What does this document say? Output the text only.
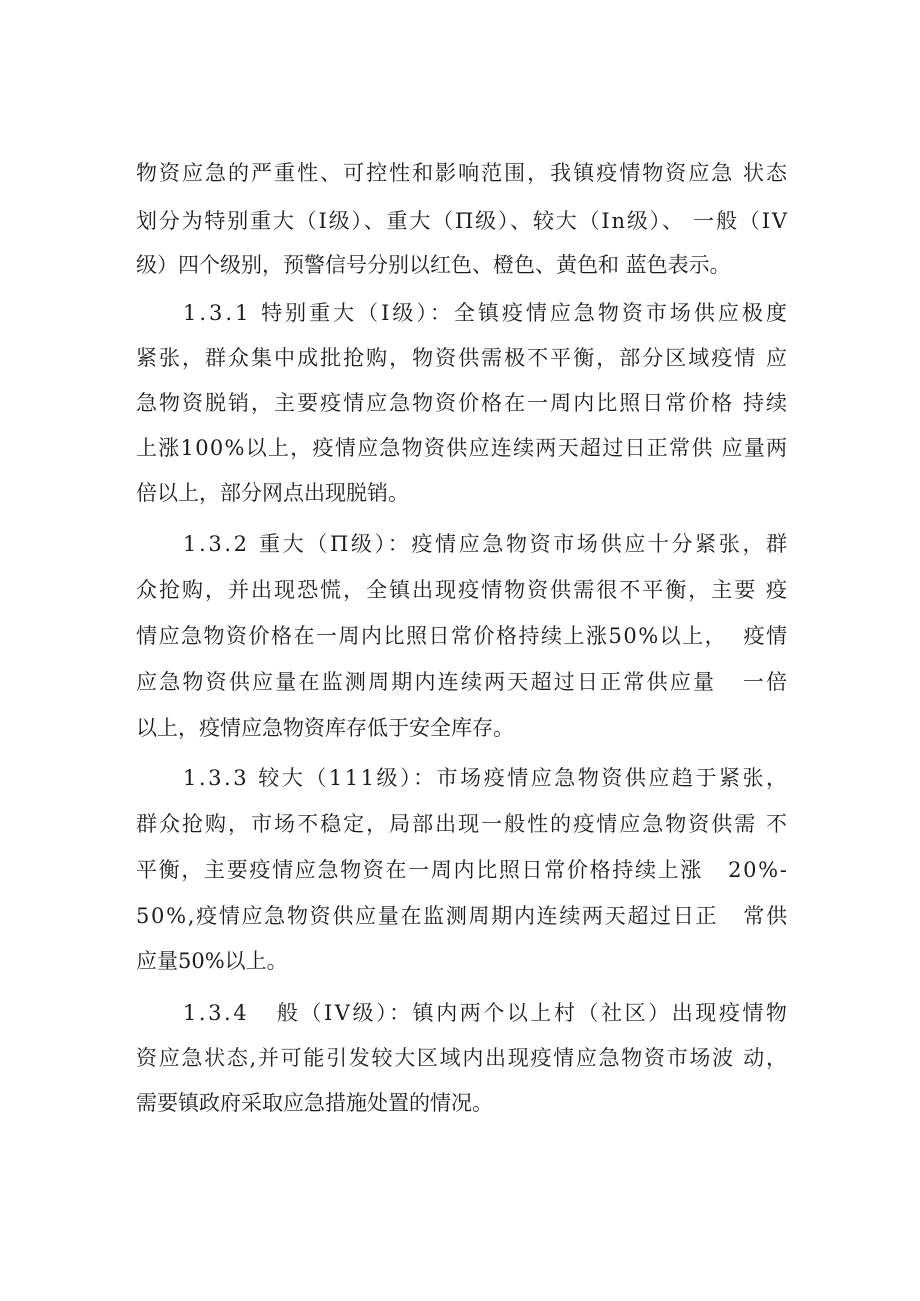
物资应急的严重性、可控性和影响范围，我镇疫情物资应急 状态
划分为特别重大（I级）、重大（Π级）、较大（In级）、 一般（IV
级）四个级别，预警信号分别以红色、橙色、黄色和 蓝色表示。
1.3.1 特别重大（I级）：全镇疫情应急物资市场供应极度
紧张，群众集中成批抢购，物资供需极不平衡，部分区域疫情 应
急物资脱销，主要疫情应急物资价格在一周内比照日常价格 持续
上涨100%以上，疫情应急物资供应连续两天超过日正常供 应量两
倍以上，部分网点出现脱销。
1.3.2 重大（Π级）：疫情应急物资市场供应十分紧张，群
众抢购，并出现恐慌，全镇出现疫情物资供需很不平衡，主要 疫
情应急物资价格在一周内比照日常价格持续上涨50%以上，  疫情
应急物资供应量在监测周期内连续两天超过日正常供应量   一倍
以上，疫情应急物资库存低于安全库存。
1.3.3 较大（111级）：市场疫情应急物资供应趋于紧张，
群众抢购，市场不稳定，局部出现一般性的疫情应急物资供需 不
平衡，主要疫情应急物资在一周内比照日常价格持续上涨   20%-
50%,疫情应急物资供应量在监测周期内连续两天超过日正   常供
应量50%以上。
1.3.4   般（IV级）：镇内两个以上村（社区）出现疫情物
资应急状态,并可能引发较大区域内出现疫情应急物资市场波 动，
需要镇政府采取应急措施处置的情况。
